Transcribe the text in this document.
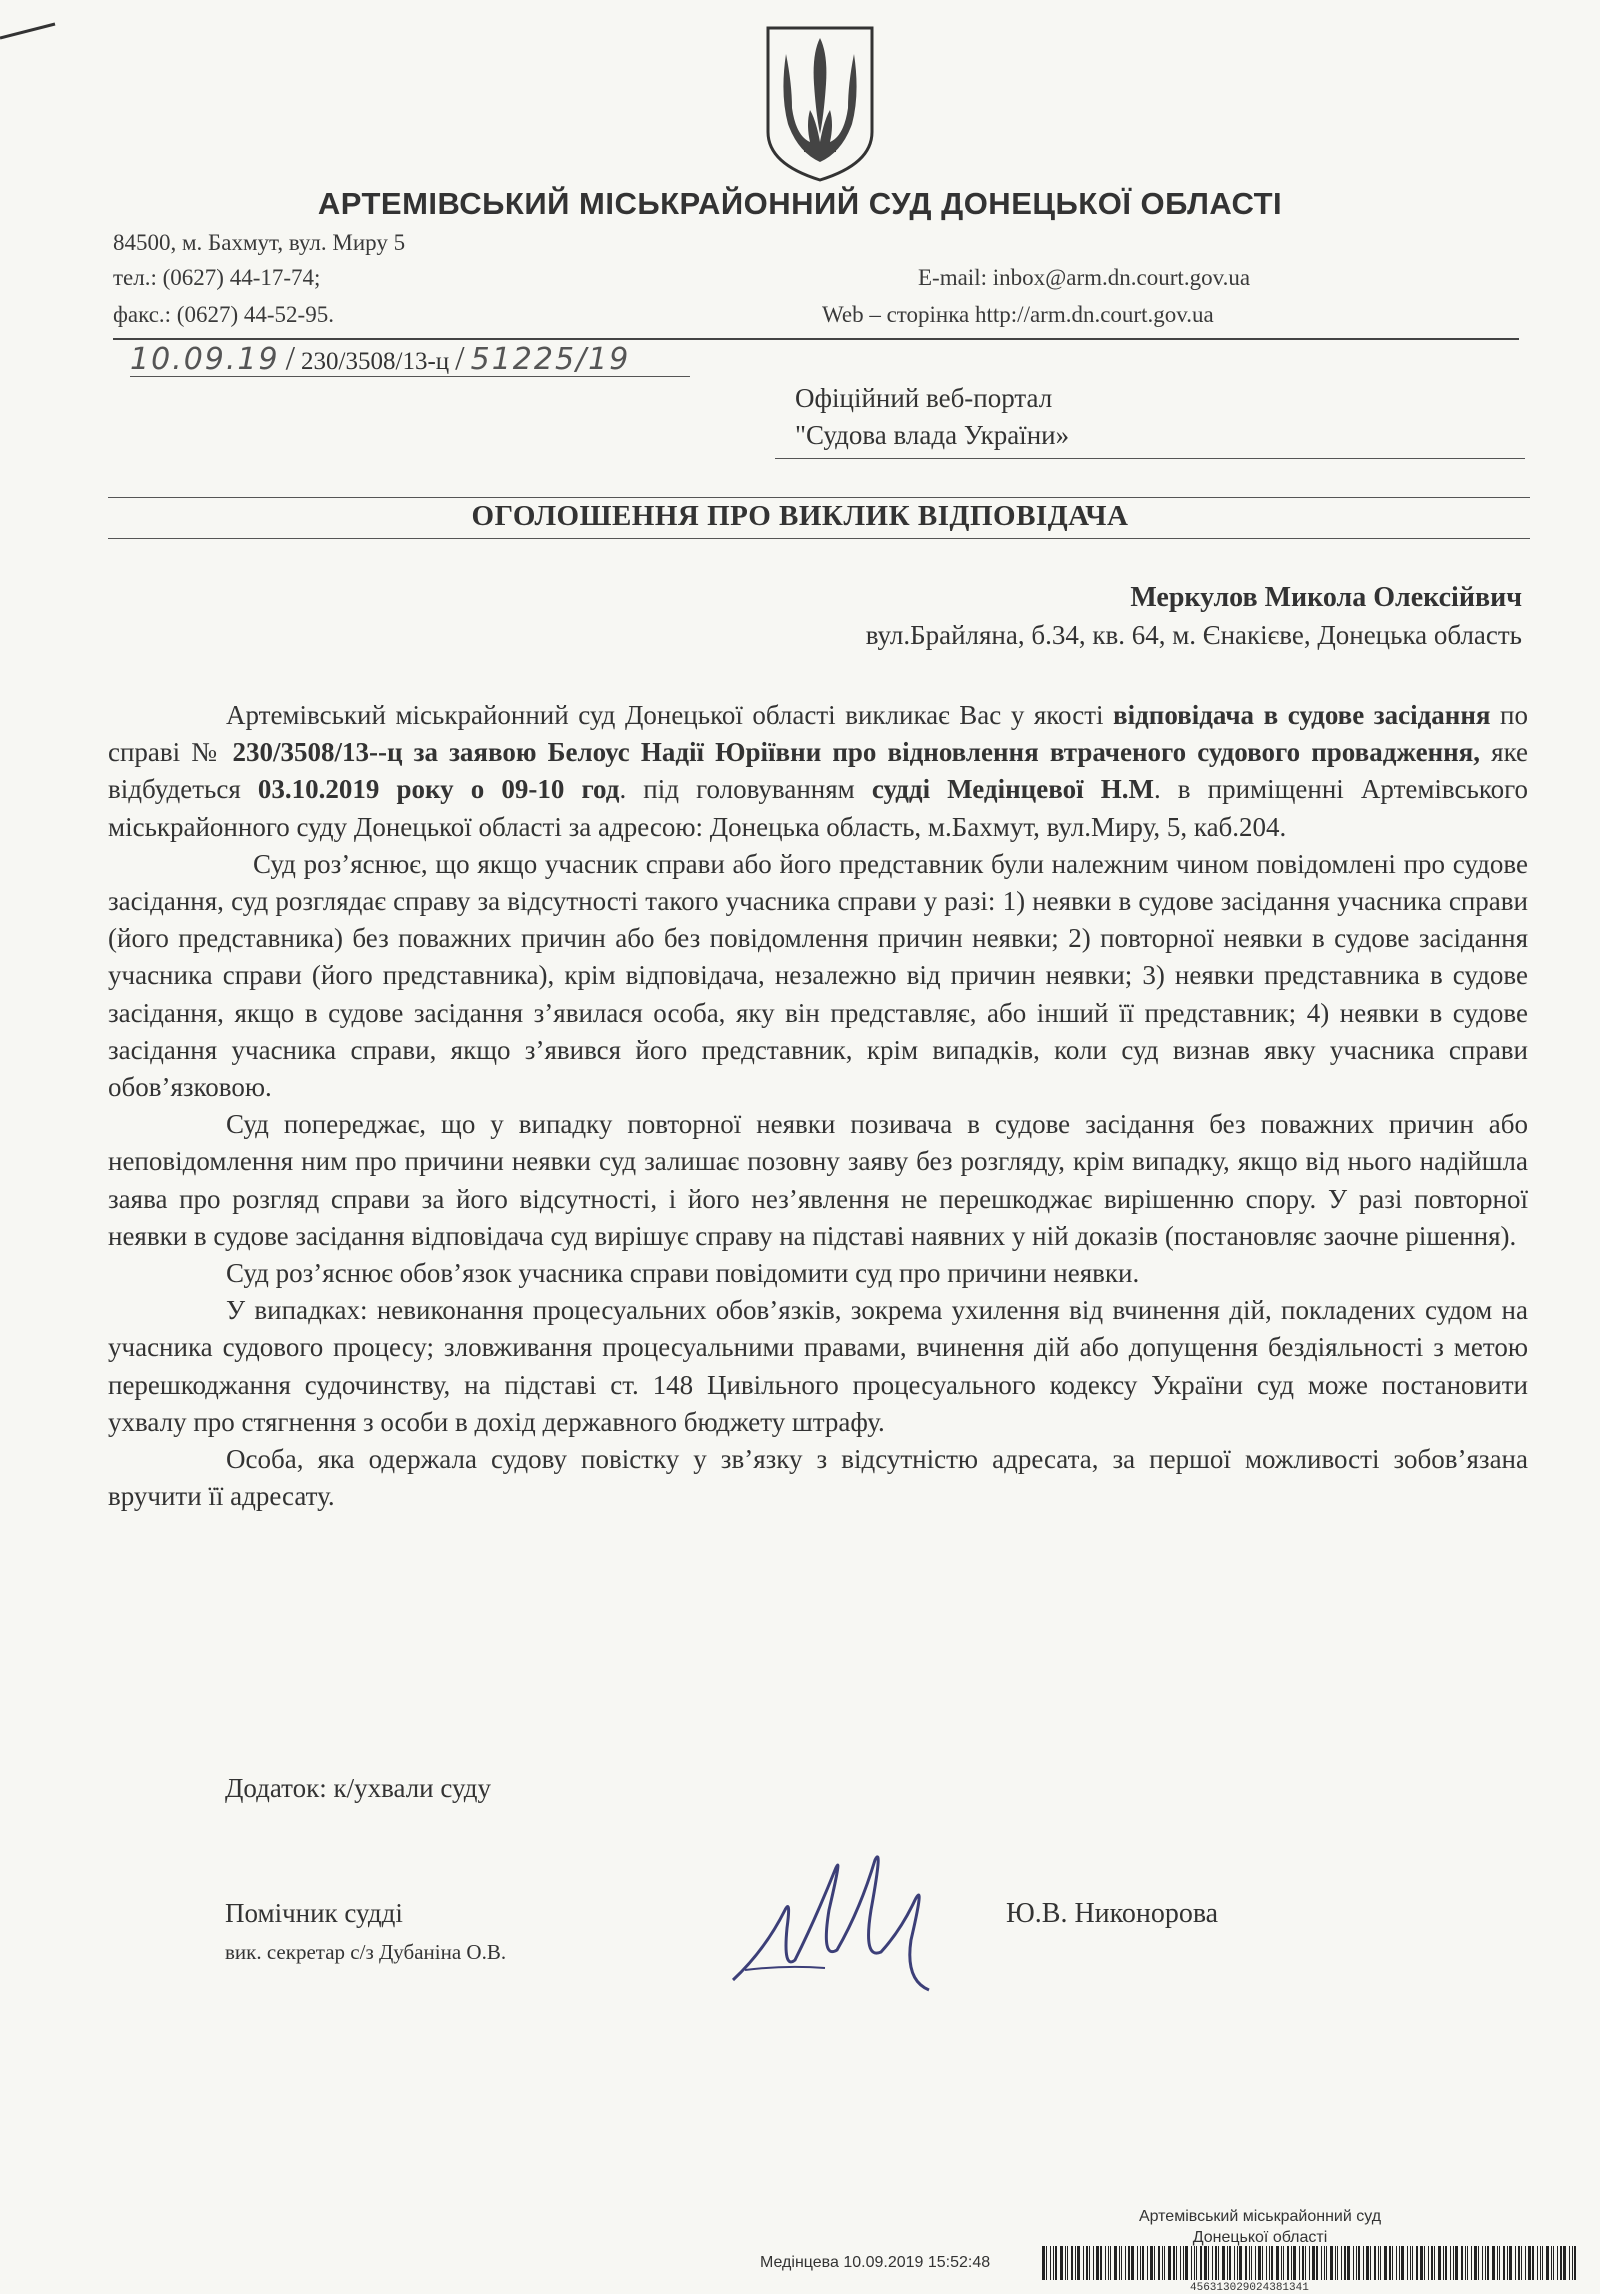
АРТЕМІВСЬКИЙ МІСЬКРАЙОННИЙ СУД ДОНЕЦЬКОЇ ОБЛАСТІ
84500, м. Бахмут, вул. Миру 5
тел.: (0627) 44-17-74;
факс.: (0627) 44-52-95.
E-mail: inbox@arm.dn.court.gov.ua
Web – сторінка http://arm.dn.court.gov.ua
10.09.19 / 230/3508/13-ц / 51225/19
Офіційний веб-портал
"Судова влада України»
ОГОЛОШЕННЯ ПРО ВИКЛИК ВІДПОВІДАЧА
Меркулов Микола Олексійвич
вул.Брайляна, б.34, кв. 64, м. Єнакієве, Донецька область

Артемівський міськрайонний суд Донецької області викликає Вас у якості відповідача в судове засідання по справі № 230/3508/13--ц за заявою Белоус Надії Юріївни про відновлення втраченого судового провадження, яке відбудеться 03.10.2019 року о 09-10 год. під головуванням судді Медінцевої Н.М. в приміщенні Артемівського міськрайонного суду Донецької області за адресою: Донецька область, м.Бахмут, вул.Миру, 5, каб.204.

Суд роз’яснює, що якщо учасник справи або його представник були належним чином повідомлені про судове засідання, суд розглядає справу за відсутності такого учасника справи у разі: 1) неявки в судове засідання учасника справи (його представника) без поважних причин або без повідомлення причин неявки; 2) повторної неявки в судове засідання учасника справи (його представника), крім відповідача, незалежно від причин неявки; 3) неявки представника в судове засідання, якщо в судове засідання з’явилася особа, яку він представляє, або інший її представник; 4) неявки в судове засідання учасника справи, якщо з’явився його представник, крім випадків, коли суд визнав явку учасника справи обов’язковою.

Суд попереджає, що у випадку повторної неявки позивача в судове засідання без поважних причин або неповідомлення ним про причини неявки суд залишає позовну заяву без розгляду, крім випадку, якщо від нього надійшла заява про розгляд справи за його відсутності, і його нез’явлення не перешкоджає вирішенню спору. У разі повторної неявки в судове засідання відповідача суд вирішує справу на підставі наявних у ній доказів (постановляє заочне рішення).

Суд роз’яснює обов’язок учасника справи повідомити суд про причини неявки.

У випадках: невиконання процесуальних обов’язків, зокрема ухилення від вчинення дій, покладених судом на учасника судового процесу; зловживання процесуальними правами, вчинення дій або допущення бездіяльності з метою перешкоджання судочинству, на підставі ст. 148 Цивільного процесуального кодексу України суд може постановити ухвалу про стягнення з особи в дохід державного бюджету штрафу.

Особа, яка одержала судову повістку у зв’язку з відсутністю адресата, за першої можливості зобов’язана вручити її адресату.

Додаток: к/ухвали суду
Помічник судді
вик. секретар с/з Дубаніна О.В.
Ю.В. Никонорова
Артемівський міськрайонний суд
Донецької області
Медінцева 10.09.2019 15:52:48
456313029024381341
